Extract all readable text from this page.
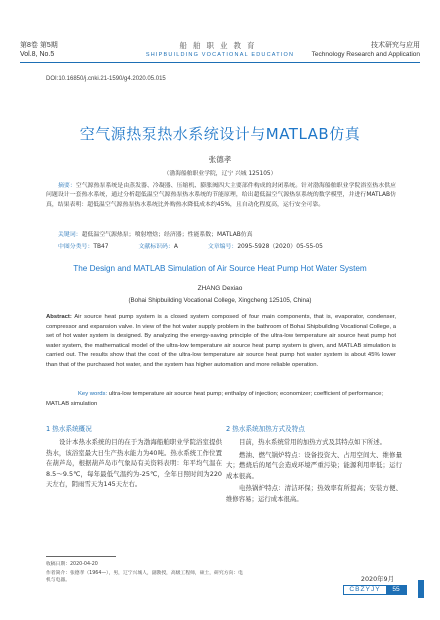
第8卷 第5期
Vol.8, No.5
船舶职业教育
SHIPBUILDING VOCATIONAL EDUCATION
技术研究与应用
Technology Research and Application
DOI:10.16850/j.cnki.21-1590/g4.2020.05.015
空气源热泵热水系统设计与MATLAB仿真
张德孝
（渤海船舶职业学院，辽宁 兴城 125105）
摘要：空气源热泵系统是由蒸发器、冷凝器、压缩机、膨胀阀四大主要部件构成的封闭系统。针对渤海船舶职业学院浴室热水供应问题设计一套热水系统，通过分析超低温空气源热泵热水系统的节能原理，给出超低温空气源热泵系统的数学模型，并进行MATLAB仿真，结果表明：超低温空气源热泵热水系统比外购热水降低成本约45%，且自动化程度高，运行安全可靠。
关键词：超低温空气源热泵；喷射增焓；经济器；性能系数；MATLAB仿真
中图分类号：TB47	文献标识码：A	文章编号：2095-5928（2020）05-55-05
The Design and MATLAB Simulation of Air Source Heat Pump Hot Water System
ZHANG Dexiao
(Bohai Shipbuilding Vocational College, Xingcheng 125105, China)
Abstract: Air source heat pump system is a closed system composed of four main components, that is, evaporator, condenser, compressor and expansion valve. In view of the hot water supply problem in the bathroom of Bohai Shipbuilding Vocational College, a set of hot water system is designed. By analyzing the energy-saving principle of the ultra-low temperature air source heat pump hot water system, the mathematical model of the ultra-low temperature air source heat pump system is given, and MATLAB simulation is carried out. The results show that the cost of the ultra-low temperature air source heat pump hot water system is about 45% lower than that of the purchased hot water, and the system has higher automation and more reliable operation.
Key words: ultra-low temperature air source heat pump; enthalpy of injection; economizer; coefficient of performance; MATLAB simulation
1 热水系统概况

设计本热水系统的目的在于为渤海船舶职业学院浴室提供热水，该浴室最大日生产热水能力为40吨。热水系统工作位置在葫芦岛，根据葫芦岛市气象局有关资料表明：年平均气温在8.5～9.5℃，每年最低气温约为-25℃，全年日照时间为220天左右，阴雨雪天为145天左右。

2 热水系统加热方式及特点

目前，热水系统常用的加热方式及其特点如下所述。

燃油、燃气锅炉特点：设备投资大、占用空间大、维修量大；燃烧后的尾气会造成环境严重污染；能源利用率低；运行成本很高。

电热锅炉特点：清洁环保；热效率有所提高；安装方便、维修容易；运行成本很高。

收稿日期：2020-04-20
作者简介：张德孝（1964—），男，辽宁兴城人，副教授，高级工程师，硕士，研究方向：电机与电器。	2020年9月
CBZYJY	55
